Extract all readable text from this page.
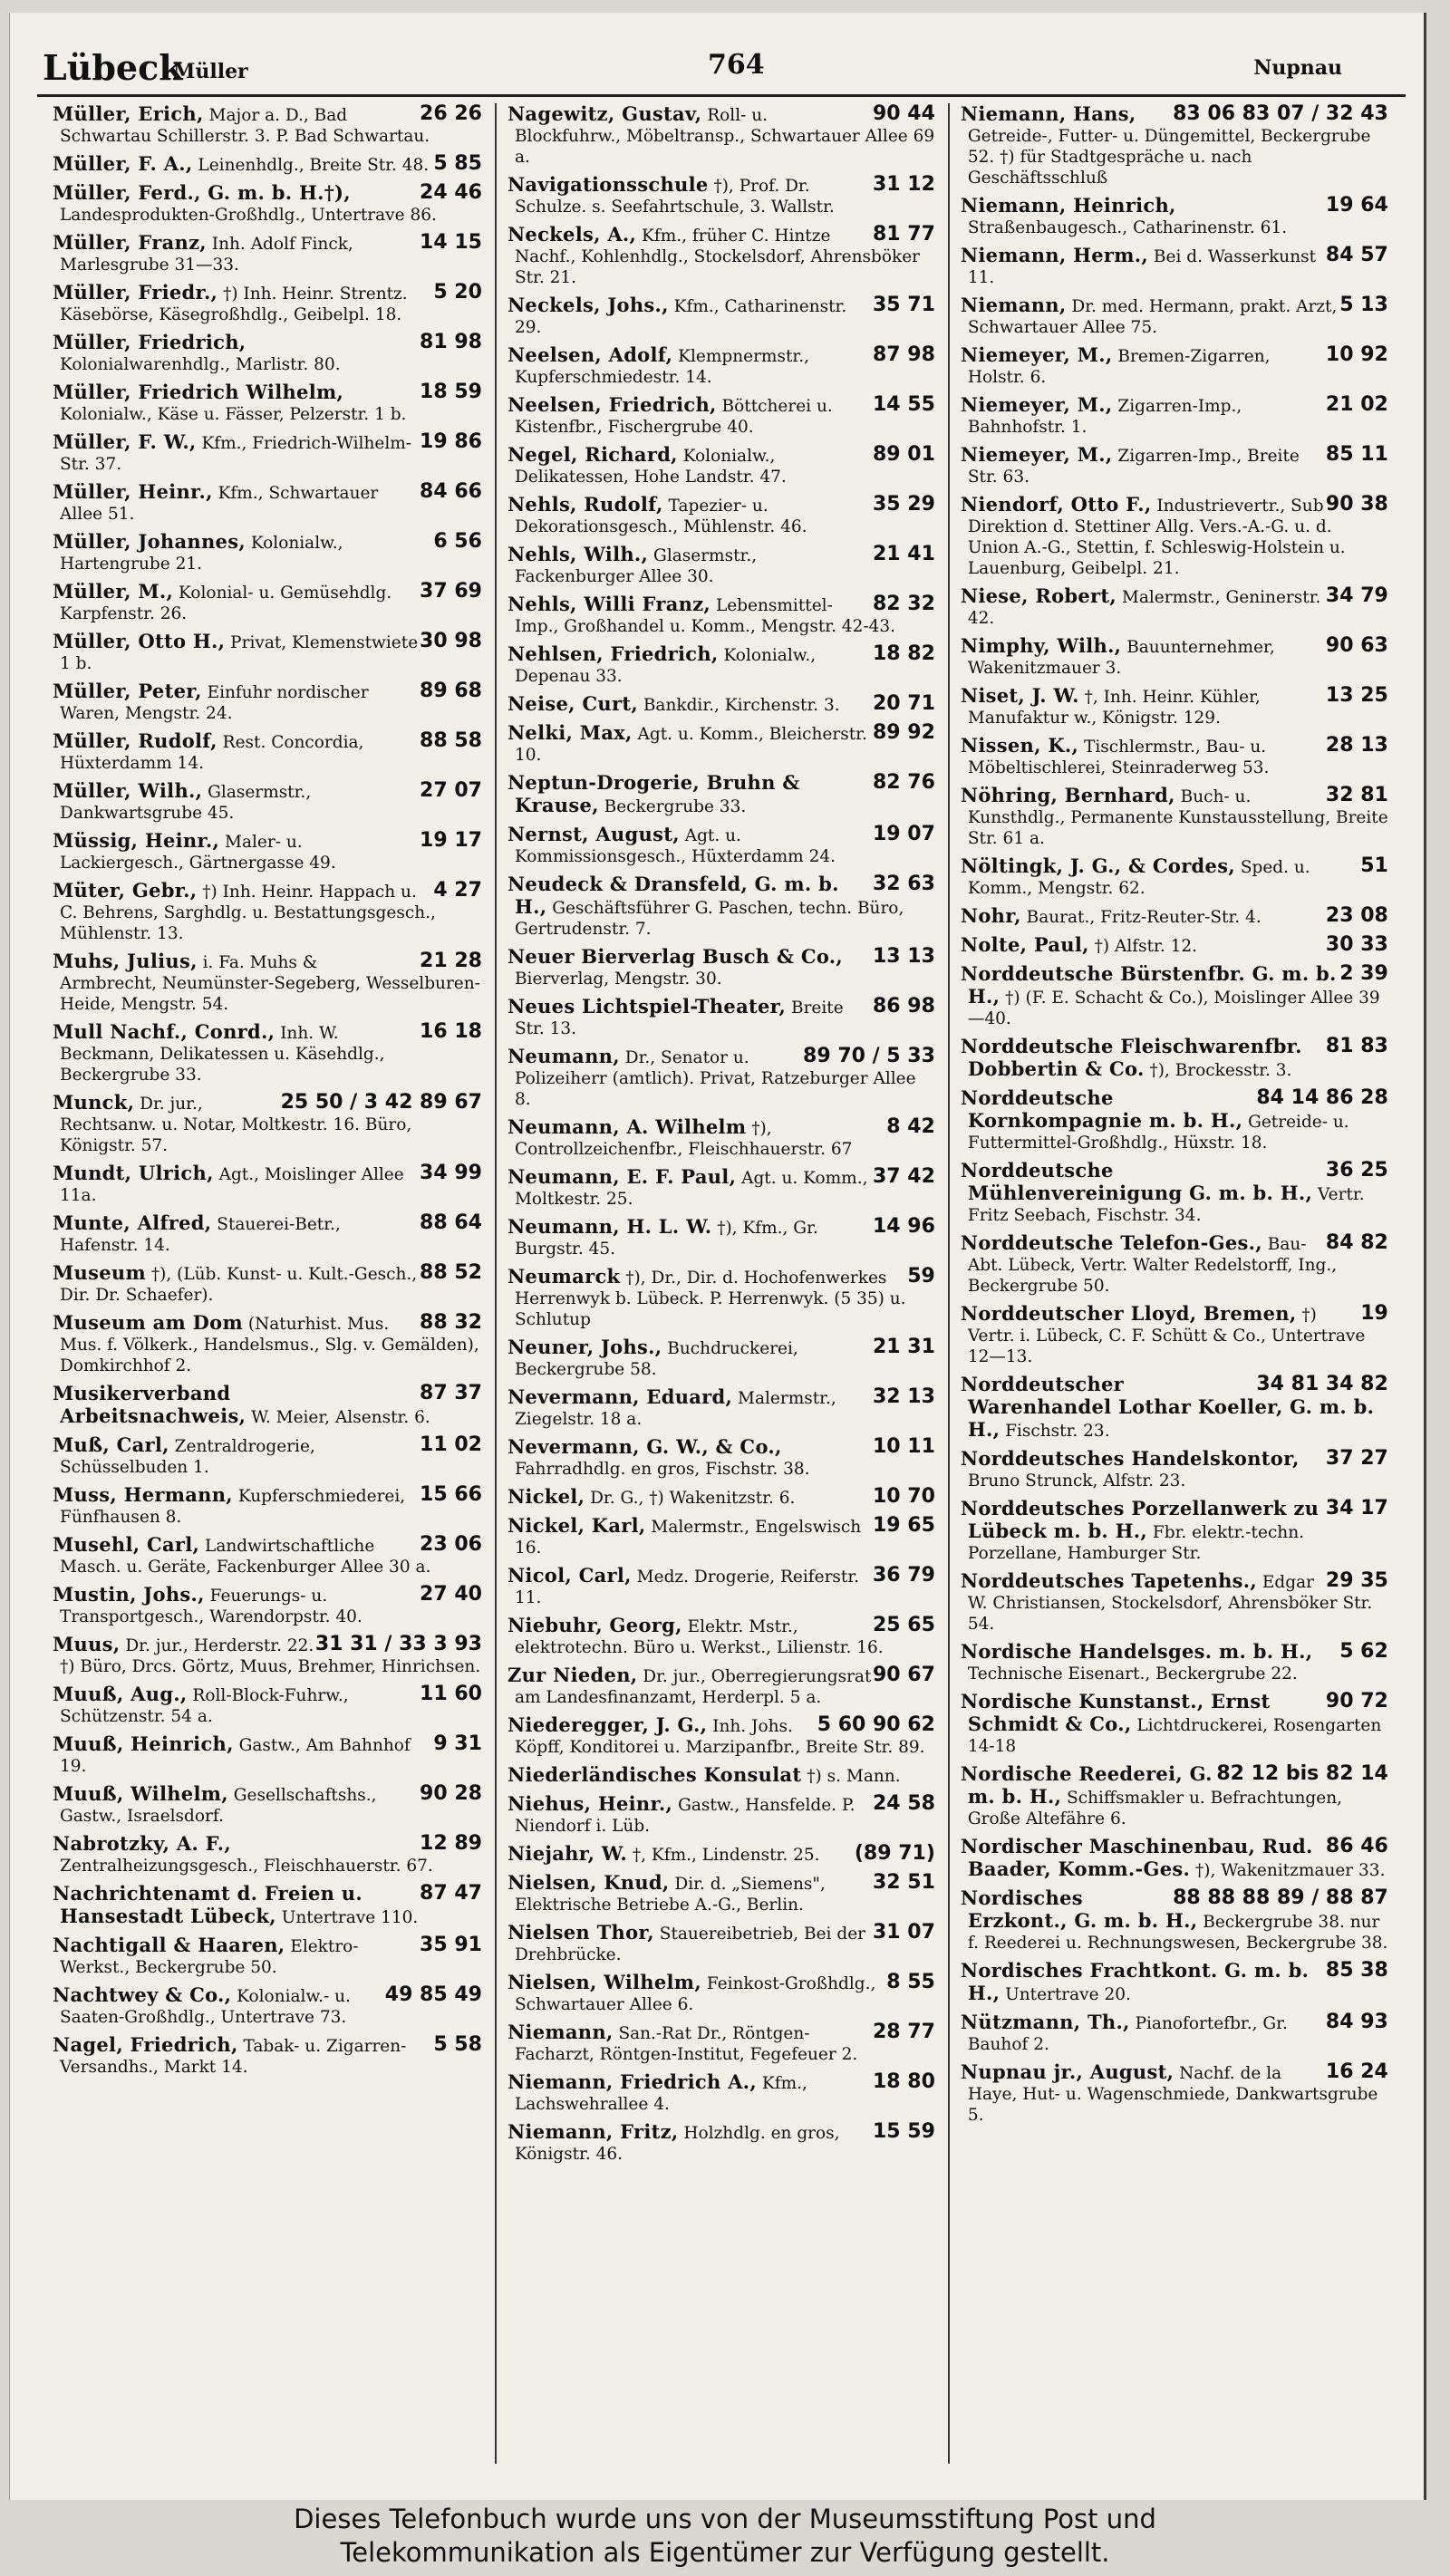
Lübeck
Müller	764	Nupnau
26 26
Müller, Erich, Major a. D., Bad Schwartau Schillerstr. 3. P. Bad Schwartau.
5 85
Müller, F. A., Leinenhdlg., Breite Str. 48.
24 46
Müller, Ferd., G. m. b. H.†), Landesprodukten-Großhdlg., Untertrave 86.
14 15
Müller, Franz, Inh. Adolf Finck, Marlesgrube 31—33.
5 20
Müller, Friedr., †) Inh. Heinr. Strentz. Käsebörse, Käsegroßhdlg., Geibelpl. 18.
81 98
Müller, Friedrich, Kolonialwarenhdlg., Marlistr. 80.
18 59
Müller, Friedrich Wilhelm, Kolonialw., Käse u. Fässer, Pelzerstr. 1 b.
19 86
Müller, F. W., Kfm., Friedrich-Wilhelm-Str. 37.
84 66
Müller, Heinr., Kfm., Schwartauer Allee 51.
6 56
Müller, Johannes, Kolonialw., Hartengrube 21.
37 69
Müller, M., Kolonial- u. Gemüsehdlg. Karpfenstr. 26.
30 98
Müller, Otto H., Privat, Klemenstwiete 1 b.
89 68
Müller, Peter, Einfuhr nordischer Waren, Mengstr. 24.
88 58
Müller, Rudolf, Rest. Concordia, Hüxterdamm 14.
27 07
Müller, Wilh., Glasermstr., Dankwartsgrube 45.
19 17
Müssig, Heinr., Maler- u. Lackiergesch., Gärtnergasse 49.
4 27
Müter, Gebr., †) Inh. Heinr. Happach u. C. Behrens, Sarghdlg. u. Bestattungsgesch., Mühlenstr. 13.
21 28
Muhs, Julius, i. Fa. Muhs & Armbrecht, Neumünster-Segeberg, Wesselburen-Heide, Mengstr. 54.
16 18
Mull Nachf., Conrd., Inh. W. Beckmann, Delikatessen u. Käsehdlg., Beckergrube 33.
25 50 / 3 42 89 67
Munck, Dr. jur., Rechtsanw. u. Notar, Moltkestr. 16. Büro, Königstr. 57.
34 99
Mundt, Ulrich, Agt., Moislinger Allee 11a.
88 64
Munte, Alfred, Stauerei-Betr., Hafenstr. 14.
88 52
Museum †), (Lüb. Kunst- u. Kult.-Gesch., Dir. Dr. Schaefer).
88 32
Museum am Dom (Naturhist. Mus. Mus. f. Völkerk., Handelsmus., Slg. v. Gemälden), Domkirchhof 2.
87 37
Musikerverband Arbeitsnachweis, W. Meier, Alsenstr. 6.
11 02
Muß, Carl, Zentraldrogerie, Schüsselbuden 1.
15 66
Muss, Hermann, Kupferschmiederei, Fünfhausen 8.
23 06
Musehl, Carl, Landwirtschaftliche Masch. u. Geräte, Fackenburger Allee 30 a.
27 40
Mustin, Johs., Feuerungs- u. Transportgesch., Warendorpstr. 40.
31 31 / 33 3 93
Muus, Dr. jur., Herderstr. 22. †) Büro, Drcs. Görtz, Muus, Brehmer, Hinrichsen.
11 60
Muuß, Aug., Roll-Block-Fuhrw., Schützenstr. 54 a.
9 31
Muuß, Heinrich, Gastw., Am Bahnhof 19.
90 28
Muuß, Wilhelm, Gesellschaftshs., Gastw., Israelsdorf.
12 89
Nabrotzky, A. F., Zentralheizungsgesch., Fleischhauerstr. 67.
87 47
Nachrichtenamt d. Freien u. Hansestadt Lübeck, Untertrave 110.
35 91
Nachtigall & Haaren, Elektro-Werkst., Beckergrube 50.
49 85 49
Nachtwey & Co., Kolonialw.- u. Saaten-Großhdlg., Untertrave 73.
5 58
Nagel, Friedrich, Tabak- u. Zigarren-Versandhs., Markt 14.
90 44
Nagewitz, Gustav, Roll- u. Blockfuhrw., Möbeltransp., Schwartauer Allee 69 a.
31 12
Navigationsschule †), Prof. Dr. Schulze. s. Seefahrtschule, 3. Wallstr.
81 77
Neckels, A., Kfm., früher C. Hintze Nachf., Kohlenhdlg., Stockelsdorf, Ahrensböker Str. 21.
35 71
Neckels, Johs., Kfm., Catharinenstr. 29.
87 98
Neelsen, Adolf, Klempnermstr., Kupferschmiedestr. 14.
14 55
Neelsen, Friedrich, Böttcherei u. Kistenfbr., Fischergrube 40.
89 01
Negel, Richard, Kolonialw., Delikatessen, Hohe Landstr. 47.
35 29
Nehls, Rudolf, Tapezier- u. Dekorationsgesch., Mühlenstr. 46.
21 41
Nehls, Wilh., Glasermstr., Fackenburger Allee 30.
82 32
Nehls, Willi Franz, Lebensmittel-Imp., Großhandel u. Komm., Mengstr. 42-43.
18 82
Nehlsen, Friedrich, Kolonialw., Depenau 33.
20 71
Neise, Curt, Bankdir., Kirchenstr. 3.
89 92
Nelki, Max, Agt. u. Komm., Bleicherstr. 10.
82 76
Neptun-Drogerie, Bruhn & Krause, Beckergrube 33.
19 07
Nernst, August, Agt. u. Kommissionsgesch., Hüxterdamm 24.
32 63
Neudeck & Dransfeld, G. m. b. H., Geschäftsführer G. Paschen, techn. Büro, Gertrudenstr. 7.
13 13
Neuer Bierverlag Busch & Co., Bierverlag, Mengstr. 30.
86 98
Neues Lichtspiel-Theater, Breite Str. 13.
89 70 / 5 33
Neumann, Dr., Senator u. Polizeiherr (amtlich). Privat, Ratzeburger Allee 8.
8 42
Neumann, A. Wilhelm †), Controllzeichenfbr., Fleischhauerstr. 67
37 42
Neumann, E. F. Paul, Agt. u. Komm., Moltkestr. 25.
14 96
Neumann, H. L. W. †), Kfm., Gr. Burgstr. 45.
59
Neumarck †), Dr., Dir. d. Hochofenwerkes Herrenwyk b. Lübeck. P. Herrenwyk. (5 35) u. Schlutup
21 31
Neuner, Johs., Buchdruckerei, Beckergrube 58.
32 13
Nevermann, Eduard, Malermstr., Ziegelstr. 18 a.
10 11
Nevermann, G. W., & Co., Fahrradhdlg. en gros, Fischstr. 38.
10 70
Nickel, Dr. G., †) Wakenitzstr. 6.
19 65
Nickel, Karl, Malermstr., Engelswisch 16.
36 79
Nicol, Carl, Medz. Drogerie, Reiferstr. 11.
25 65
Niebuhr, Georg, Elektr. Mstr., elektrotechn. Büro u. Werkst., Lilienstr. 16.
90 67
Zur Nieden, Dr. jur., Oberregierungsrat am Landesfinanzamt, Herderpl. 5 a.
5 60 90 62
Niederegger, J. G., Inh. Johs. Köpff, Konditorei u. Marzipanfbr., Breite Str. 89.
Niederländisches Konsulat †) s. Mann.
24 58
Niehus, Heinr., Gastw., Hansfelde. P. Niendorf i. Lüb.
(89 71)
Niejahr, W. †, Kfm., Lindenstr. 25.
32 51
Nielsen, Knud, Dir. d. „Siemens", Elektrische Betriebe A.-G., Berlin.
31 07
Nielsen Thor, Stauereibetrieb, Bei der Drehbrücke.
8 55
Nielsen, Wilhelm, Feinkost-Großhdlg., Schwartauer Allee 6.
28 77
Niemann, San.-Rat Dr., Röntgen-Facharzt, Röntgen-Institut, Fegefeuer 2.
18 80
Niemann, Friedrich A., Kfm., Lachswehrallee 4.
15 59
Niemann, Fritz, Holzhdlg. en gros, Königstr. 46.
83 06 83 07 / 32 43
Niemann, Hans, Getreide-, Futter- u. Düngemittel, Beckergrube 52. †) für Stadtgespräche u. nach Geschäftsschluß
19 64
Niemann, Heinrich, Straßenbaugesch., Catharinenstr. 61.
84 57
Niemann, Herm., Bei d. Wasserkunst 11.
5 13
Niemann, Dr. med. Hermann, prakt. Arzt, Schwartauer Allee 75.
10 92
Niemeyer, M., Bremen-Zigarren, Holstr. 6.
21 02
Niemeyer, M., Zigarren-Imp., Bahnhofstr. 1.
85 11
Niemeyer, M., Zigarren-Imp., Breite Str. 63.
90 38
Niendorf, Otto F., Industrievertr., Sub Direktion d. Stettiner Allg. Vers.-A.-G. u. d. Union A.-G., Stettin, f. Schleswig-Holstein u. Lauenburg, Geibelpl. 21.
34 79
Niese, Robert, Malermstr., Geninerstr. 42.
90 63
Nimphy, Wilh., Bauunternehmer, Wakenitzmauer 3.
13 25
Niset, J. W. †, Inh. Heinr. Kühler, Manufaktur w., Königstr. 129.
28 13
Nissen, K., Tischlermstr., Bau- u. Möbeltischlerei, Steinraderweg 53.
32 81
Nöhring, Bernhard, Buch- u. Kunsthdlg., Permanente Kunstausstellung, Breite Str. 61 a.
51
Nöltingk, J. G., & Cordes, Sped. u. Komm., Mengstr. 62.
23 08
Nohr, Baurat., Fritz-Reuter-Str. 4.
30 33
Nolte, Paul, †) Alfstr. 12.
2 39
Norddeutsche Bürstenfbr. G. m. b. H., †) (F. E. Schacht & Co.), Moislinger Allee 39—40.
81 83
Norddeutsche Fleischwarenfbr. Dobbertin & Co. †), Brockesstr. 3.
84 14 86 28
Norddeutsche Kornkompagnie m. b. H., Getreide- u. Futtermittel-Großhdlg., Hüxstr. 18.
36 25
Norddeutsche Mühlenvereinigung G. m. b. H., Vertr. Fritz Seebach, Fischstr. 34.
84 82
Norddeutsche Telefon-Ges., Bau-Abt. Lübeck, Vertr. Walter Redelstorff, Ing., Beckergrube 50.
19
Norddeutscher Lloyd, Bremen, †) Vertr. i. Lübeck, C. F. Schütt & Co., Untertrave 12—13.
34 81 34 82
Norddeutscher Warenhandel Lothar Koeller, G. m. b. H., Fischstr. 23.
37 27
Norddeutsches Handelskontor, Bruno Strunck, Alfstr. 23.
34 17
Norddeutsches Porzellanwerk zu Lübeck m. b. H., Fbr. elektr.-techn. Porzellane, Hamburger Str.
29 35
Norddeutsches Tapetenhs., Edgar W. Christiansen, Stockelsdorf, Ahrensböker Str. 54.
5 62
Nordische Handelsges. m. b. H., Technische Eisenart., Beckergrube 22.
90 72
Nordische Kunstanst., Ernst Schmidt & Co., Lichtdruckerei, Rosengarten 14-18
82 12 bis 82 14
Nordische Reederei, G. m. b. H., Schiffsmakler u. Befrachtungen, Große Altefähre 6.
86 46
Nordischer Maschinenbau, Rud. Baader, Komm.-Ges. †), Wakenitzmauer 33.
88 88 88 89 / 88 87
Nordisches Erzkont., G. m. b. H., Beckergrube 38. nur f. Reederei u. Rechnungswesen, Beckergrube 38.
85 38
Nordisches Frachtkont. G. m. b. H., Untertrave 20.
84 93
Nützmann, Th., Pianofortefbr., Gr. Bauhof 2.
16 24
Nupnau jr., August, Nachf. de la Haye, Hut- u. Wagenschmiede, Dankwartsgrube 5.
Dieses Telefonbuch wurde uns von der Museumsstiftung Post und
Telekommunikation als Eigentümer zur Verfügung gestellt.
